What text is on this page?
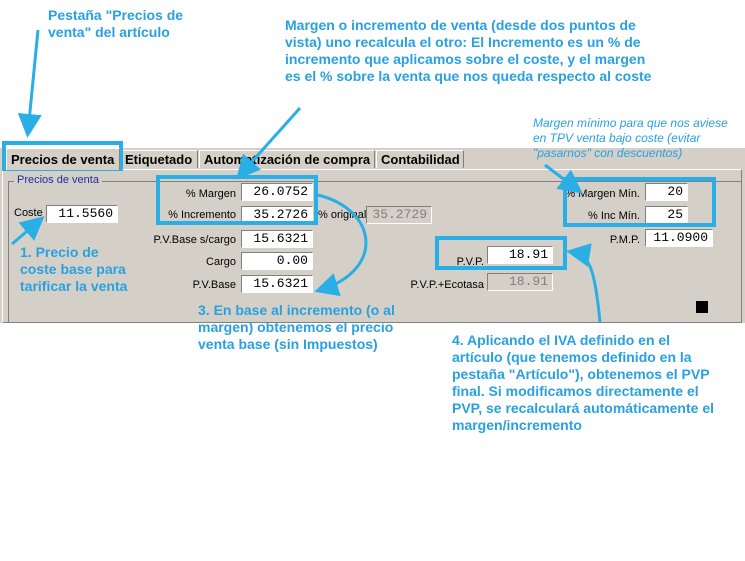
Precios de venta Etiquetado Automatización de compra Contabilidad
Precios de venta
Coste	11.5560
% Margen	26.0752
% Incremento	35.2726 % original 35.2729
P.V.Base s/cargo	15.6321
Cargo	0.00
P.V.Base	15.6321
% Margen Mín.	20
% Inc Mín.	25
P.M.P.	11.0900
P.V.P.	18.91
P.V.P.+Ecotasa	18.91
Pestaña "Precios de venta" del artículo	Margen o incremento de venta (desde dos puntos de vista) uno recalcula el otro: El Incremento es un % de incremento que aplicamos sobre el coste, y el margen es el % sobre la venta que nos queda respecto al coste
Margen mínimo para que nos aviese en TPV venta bajo coste (evitar "pasarnos" con descuentos)
1. Precio de coste base para tarificar la venta
3. En base al incremento (o al margen) obtenemos el precio venta base (sin Impuestos)	4. Aplicando el IVA definido en el artículo (que tenemos definido en la pestaña "Artículo"), obtenemos el PVP final. Si modificamos directamente el PVP, se recalculará automáticamente el margen/incremento
